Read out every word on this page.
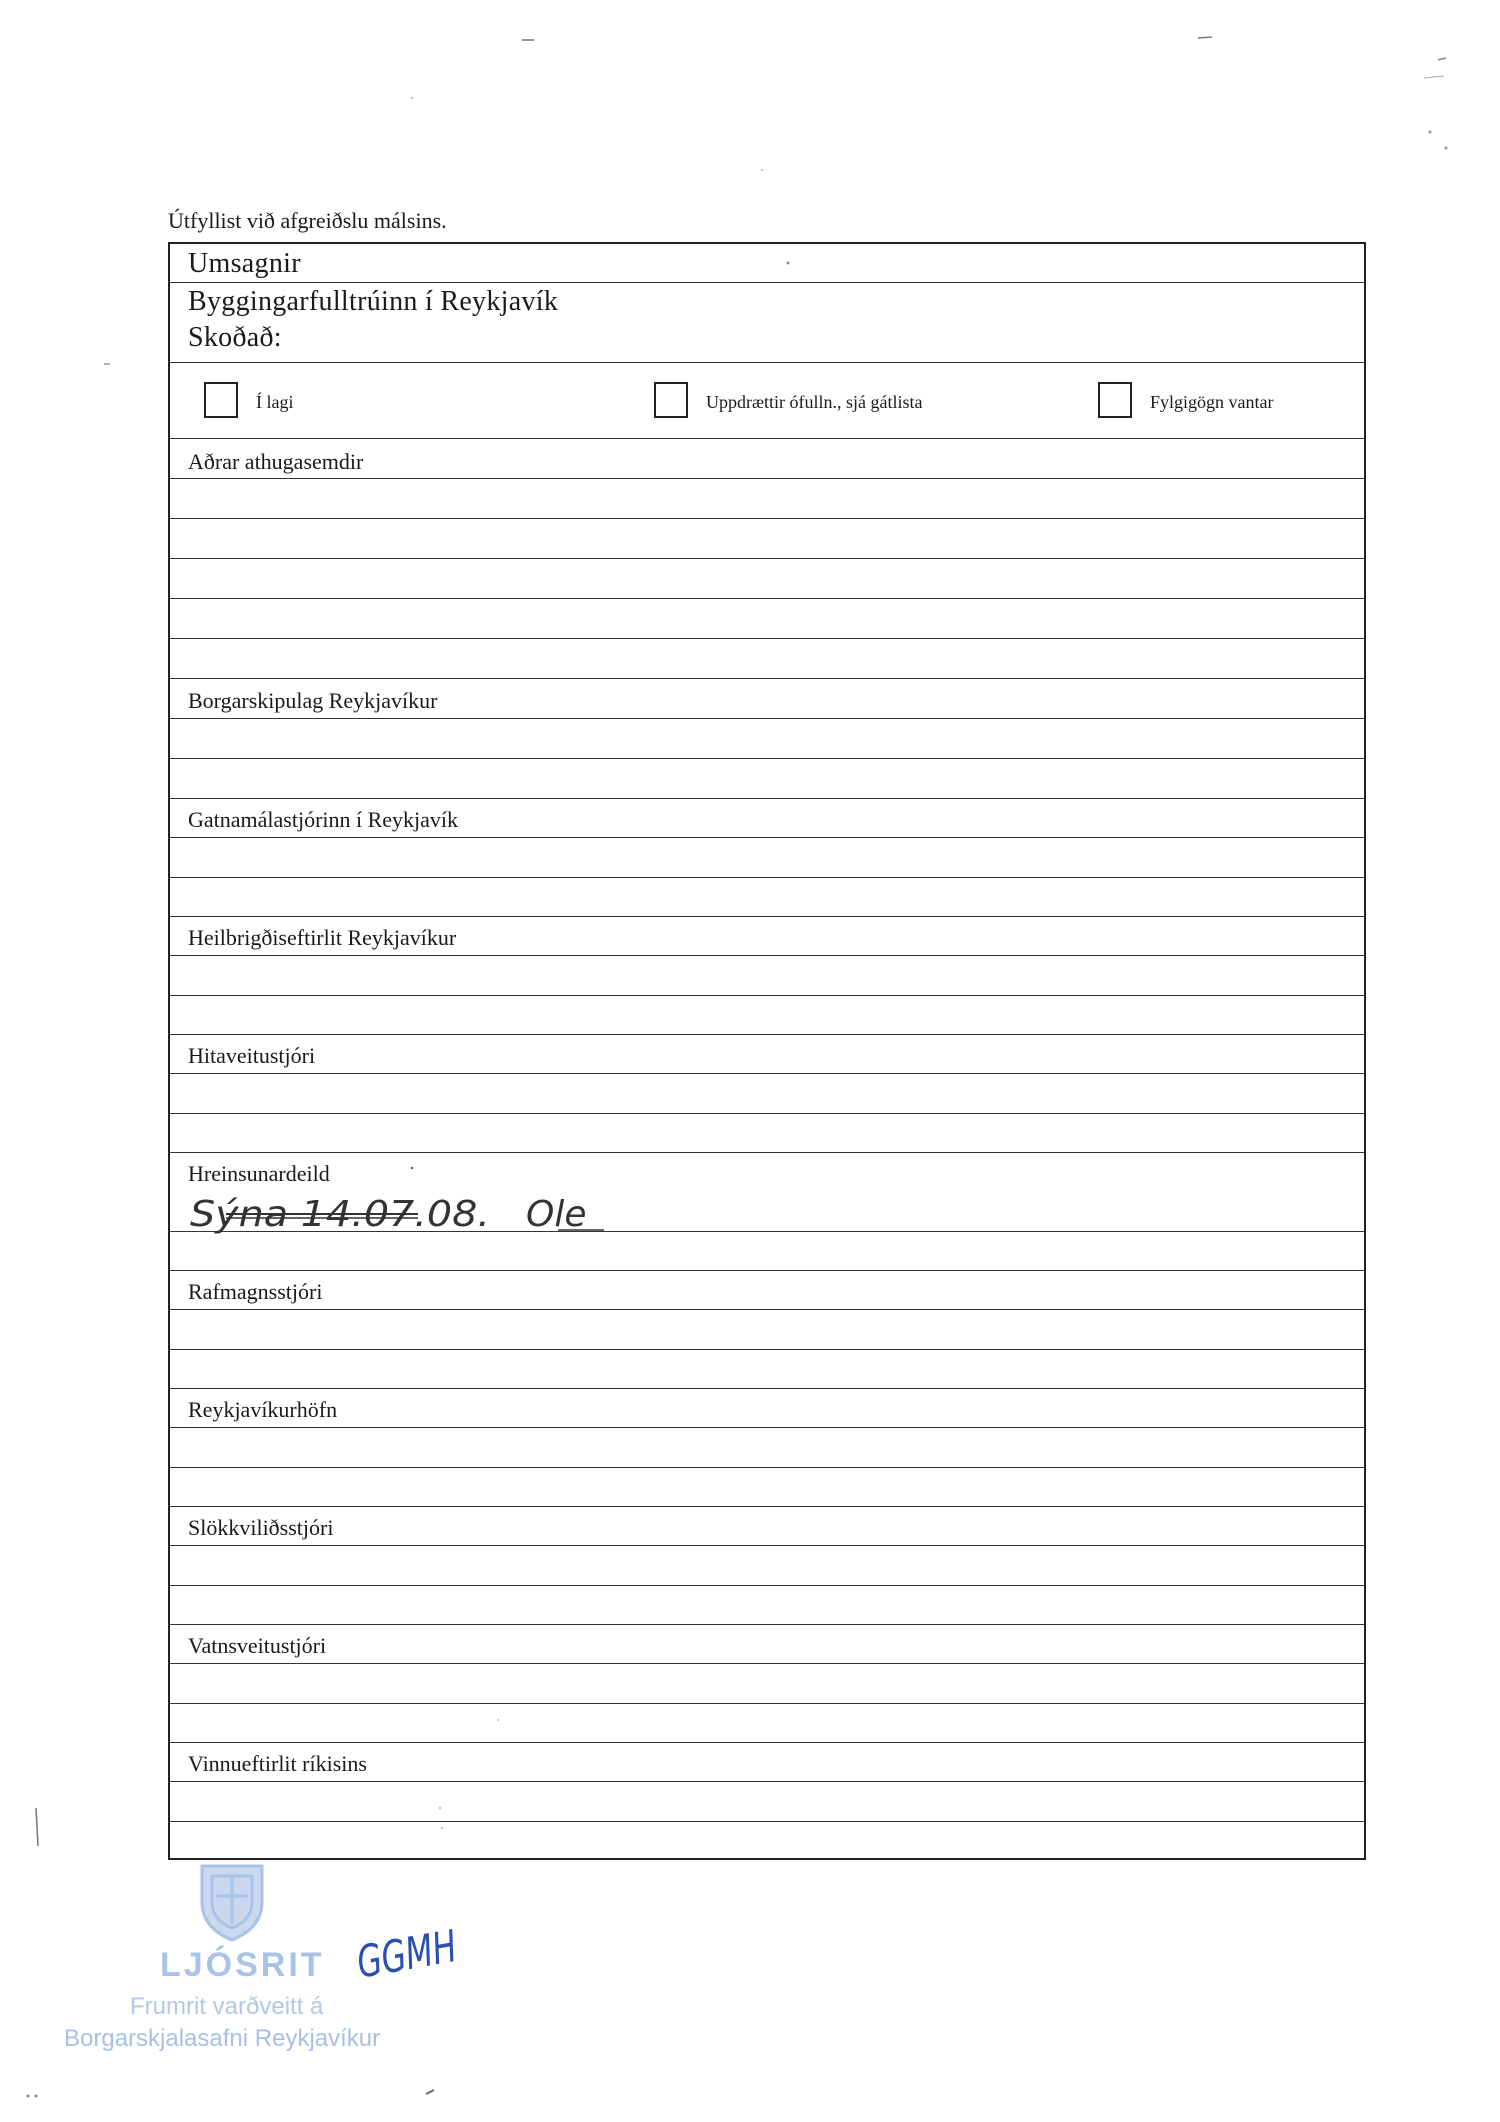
Útfyllist við afgreiðslu málsins.
Umsagnir
Byggingarfulltrúinn í Reykjavík
Skoðað:
Í lagi	Uppdrættir ófulln., sjá gátlista	Fylgigögn vantar
Aðrar athugasemdir
Borgarskipulag Reykjavíkur
Gatnamálastjórinn í Reykjavík
Heilbrigðiseftirlit Reykjavíkur
Hitaveitustjóri
Hreinsunardeild
Sýna 14.07.08. Ole
Rafmagnsstjóri
Reykjavíkurhöfn
Slökkviliðsstjóri
Vatnsveitustjóri
Vinnueftirlit ríkisins
GGMH
LJÓSRIT
Frumrit varðveitt á
Borgarskjalasafni Reykjavíkur
